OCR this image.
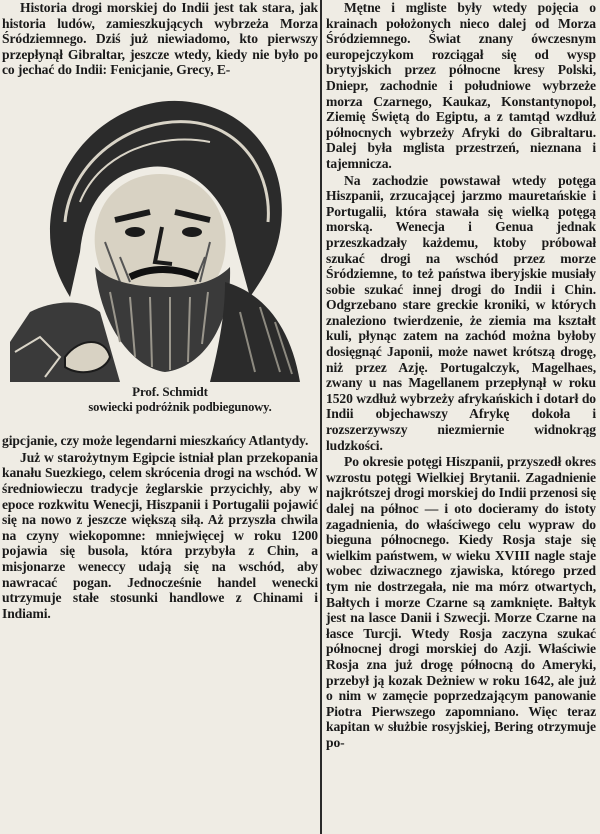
Historia drogi morskiej do Indii jest tak stara, jak historia ludów, zamieszkujących wybrzeża Morza Śródziemnego. Dziś już niewiadomo, kto pierwszy przepłynął Gibraltar, jeszcze wtedy, kiedy nie było po co jechać do Indii: Fenicjanie, Grecy, E-

Prof. Schmidt
sowiecki podróżnik podbiegunowy.

gipcjanie, czy może legendarni mieszkańcy Atlantydy.

Już w starożytnym Egipcie istniał plan przekopania kanału Suezkiego, celem skrócenia drogi na wschód. W średniowieczu tradycje żeglarskie przycichły, aby w epoce rozkwitu Wenecji, Hiszpanii i Portugalii pojawić się na nowo z jeszcze większą siłą. Aż przyszła chwila na czyny wiekopomne: mniejwięcej w roku 1200 pojawia się busola, która przybyła z Chin, a misjonarze weneccy udają się na wschód, aby nawracać pogan. Jednocześnie handel wenecki utrzymuje stałe stosunki handlowe z Chinami i Indiami.

Mętne i mgliste były wtedy pojęcia o krainach położonych nieco dalej od Morza Śródziemnego. Świat znany ówczesnym europejczykom rozciągał się od wysp brytyjskich przez północne kresy Polski, Dniepr, zachodnie i południowe wybrzeże morza Czarnego, Kaukaz, Konstantynopol, Ziemię Świętą do Egiptu, a z tamtąd wzdłuż północnych wybrzeży Afryki do Gibraltaru. Dalej była mglista przestrzeń, nieznana i tajemnicza.

Na zachodzie powstawał wtedy potęga Hiszpanii, zrzucającej jarzmo mauretańskie i Portugalii, która stawała się wielką potęgą morską. Wenecja i Genua jednak przeszkadzały każdemu, ktoby próbował szukać drogi na wschód przez morze Śródziemne, to też państwa iberyjskie musiały sobie szukać innej drogi do Indii i Chin. Odgrzebano stare greckie kroniki, w których znaleziono twierdzenie, że ziemia ma kształt kuli, płynąc zatem na zachód można byłoby dosięgnąć Japonii, może nawet krótszą drogę, niż przez Azję. Portugalczyk, Magelhaes, zwany u nas Magellanem przepłynął w roku 1520 wzdłuż wybrzeży afrykańskich i dotarł do Indii objechawszy Afrykę dokoła i rozszerzywszy niezmiernie widnokrąg ludzkości.

Po okresie potęgi Hiszpanii, przyszedł okres wzrostu potęgi Wielkiej Brytanii. Zagadnienie najkrótszej drogi morskiej do Indii przenosi się dalej na północ — i oto docieramy do istoty zagadnienia, do właściwego celu wypraw do bieguna północnego. Kiedy Rosja staje się wielkim państwem, w wieku XVIII nagle staje wobec dziwacznego zjawiska, którego przed tym nie dostrzegała, nie ma mórz otwartych, Bałtych i morze Czarne są zamknięte. Bałtyk jest na lasce Danii i Szwecji. Morze Czarne na łasce Turcji. Wtedy Rosja zaczyna szukać północnej drogi morskiej do Azji. Właściwie Rosja zna już drogę północną do Ameryki, przebył ją kozak Deżniew w roku 1642, ale już o nim w zamęcie poprzedzającym panowanie Piotra Pierwszego zapomniano. Więc teraz kapitan w służbie rosyjskiej, Bering otrzymuje po-
